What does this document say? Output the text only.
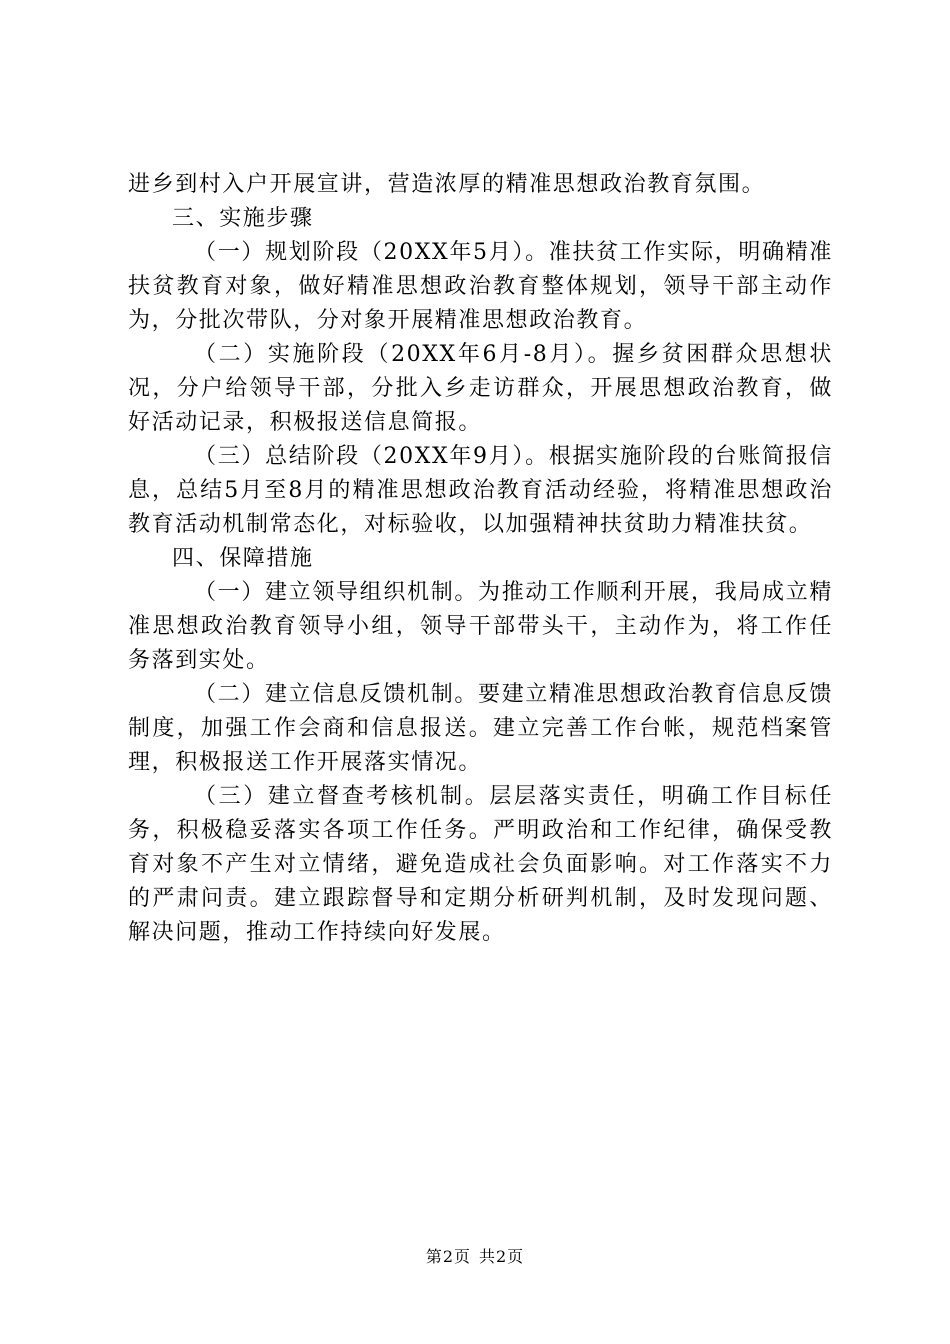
进乡到村入户开展宣讲，营造浓厚的精准思想政治教育氛围。

三、实施步骤

（一）规划阶段（20XX年5月）。准扶贫工作实际，明确精准扶贫教育对象，做好精准思想政治教育整体规划，领导干部主动作为，分批次带队，分对象开展精准思想政治教育。

（二）实施阶段（20XX年6月-8月）。握乡贫困群众思想状况，分户给领导干部，分批入乡走访群众，开展思想政治教育，做好活动记录，积极报送信息简报。

（三）总结阶段（20XX年9月）。根据实施阶段的台账简报信息，总结5月至8月的精准思想政治教育活动经验，将精准思想政治教育活动机制常态化，对标验收，以加强精神扶贫助力精准扶贫。

四、保障措施

（一）建立领导组织机制。为推动工作顺利开展，我局成立精准思想政治教育领导小组，领导干部带头干，主动作为，将工作任务落到实处。

（二）建立信息反馈机制。要建立精准思想政治教育信息反馈制度，加强工作会商和信息报送。建立完善工作台帐，规范档案管理，积极报送工作开展落实情况。

（三）建立督查考核机制。层层落实责任，明确工作目标任务，积极稳妥落实各项工作任务。严明政治和工作纪律，确保受教育对象不产生对立情绪，避免造成社会负面影响。对工作落实不力的严肃问责。建立跟踪督导和定期分析研判机制，及时发现问题、解决问题，推动工作持续向好发展。

第2页 共2页
